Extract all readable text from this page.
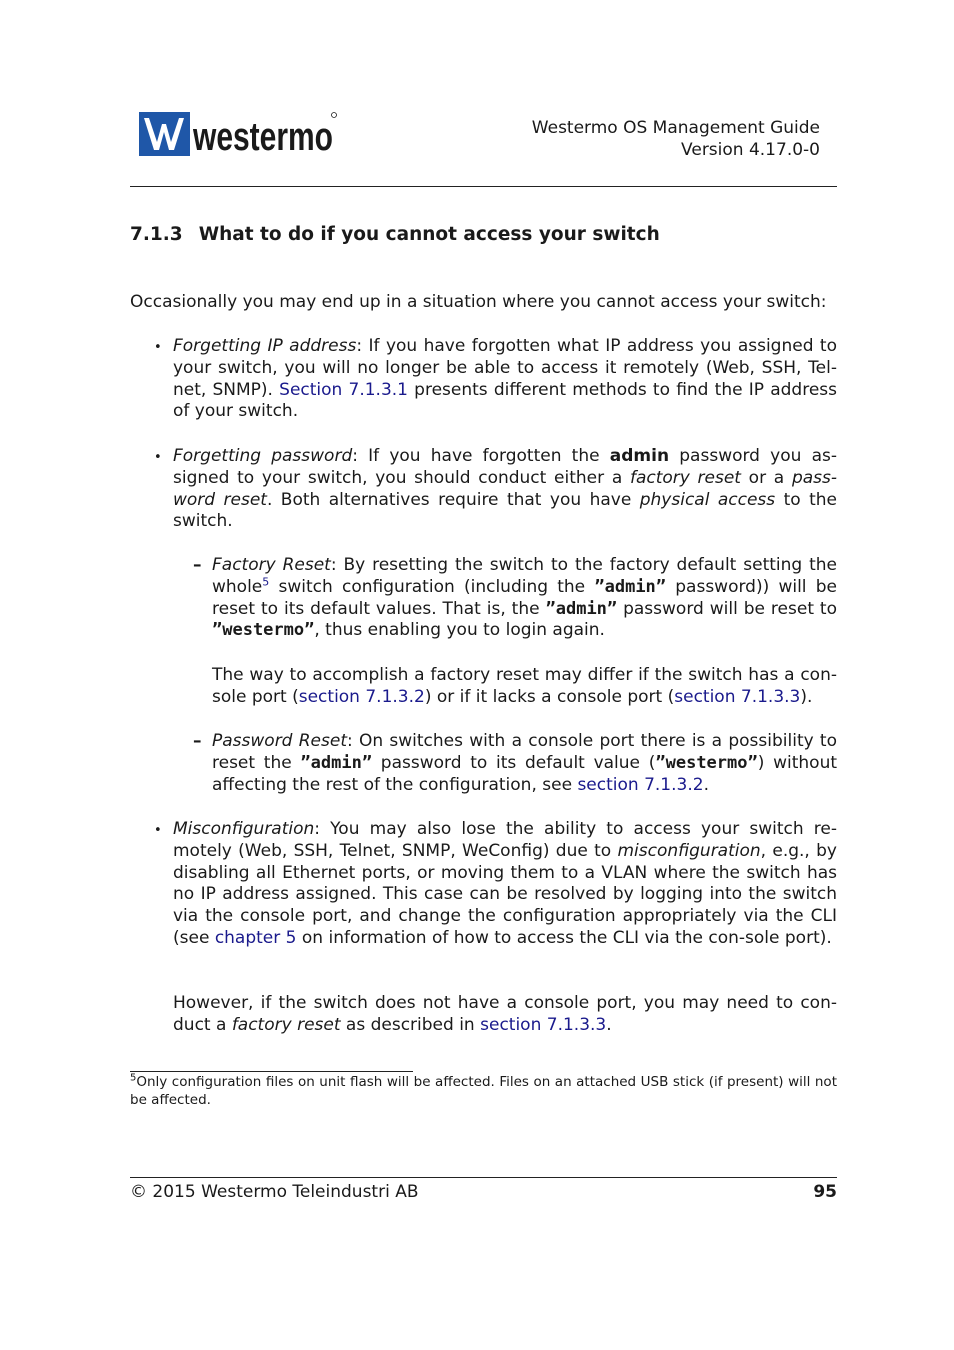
westermo	Westermo OS Management Guide
Version 4.17.0-0
7.1.3 What to do if you cannot access your switch

Occasionally you may end up in a situation where you cannot access your switch:

• Forgetting IP address: If you have forgotten what IP address you assigned to your switch, you will no longer be able to access it remotely (Web, SSH, Tel-net, SNMP). Section 7.1.3.1 presents different methods to find the IP address of your switch.

• Forgetting password: If you have forgotten the admin password you as-signed to your switch, you should conduct either a factory reset or a pass-word reset. Both alternatives require that you have physical access to the switch.

– Factory Reset: By resetting the switch to the factory default setting the whole$^5$ switch configuration (including the ”admin” password)) will be reset to its default values. That is, the ”admin” password will be reset to ”westermo”, thus enabling you to login again.

The way to accomplish a factory reset may differ if the switch has a con-sole port (section 7.1.3.2) or if it lacks a console port (section 7.1.3.3).

– Password Reset: On switches with a console port there is a possibility to reset the ”admin” password to its default value (”westermo”) without affecting the rest of the configuration, see section 7.1.3.2.

• Misconfiguration: You may also lose the ability to access your switch re-motely (Web, SSH, Telnet, SNMP, WeConfig) due to misconfiguration, e.g., by disabling all Ethernet ports, or moving them to a VLAN where the switch has no IP address assigned. This case can be resolved by logging into the switch via the console port, and change the configuration appropriately via the CLI (see chapter 5 on information of how to access the CLI via the con-sole port).

However, if the switch does not have a console port, you may need to con-duct a factory reset as described in section 7.1.3.3.

$^5$Only configuration files on unit flash will be affected. Files on an attached USB stick (if present) will not be affected.

© 2015 Westermo Teleindustri AB	95
